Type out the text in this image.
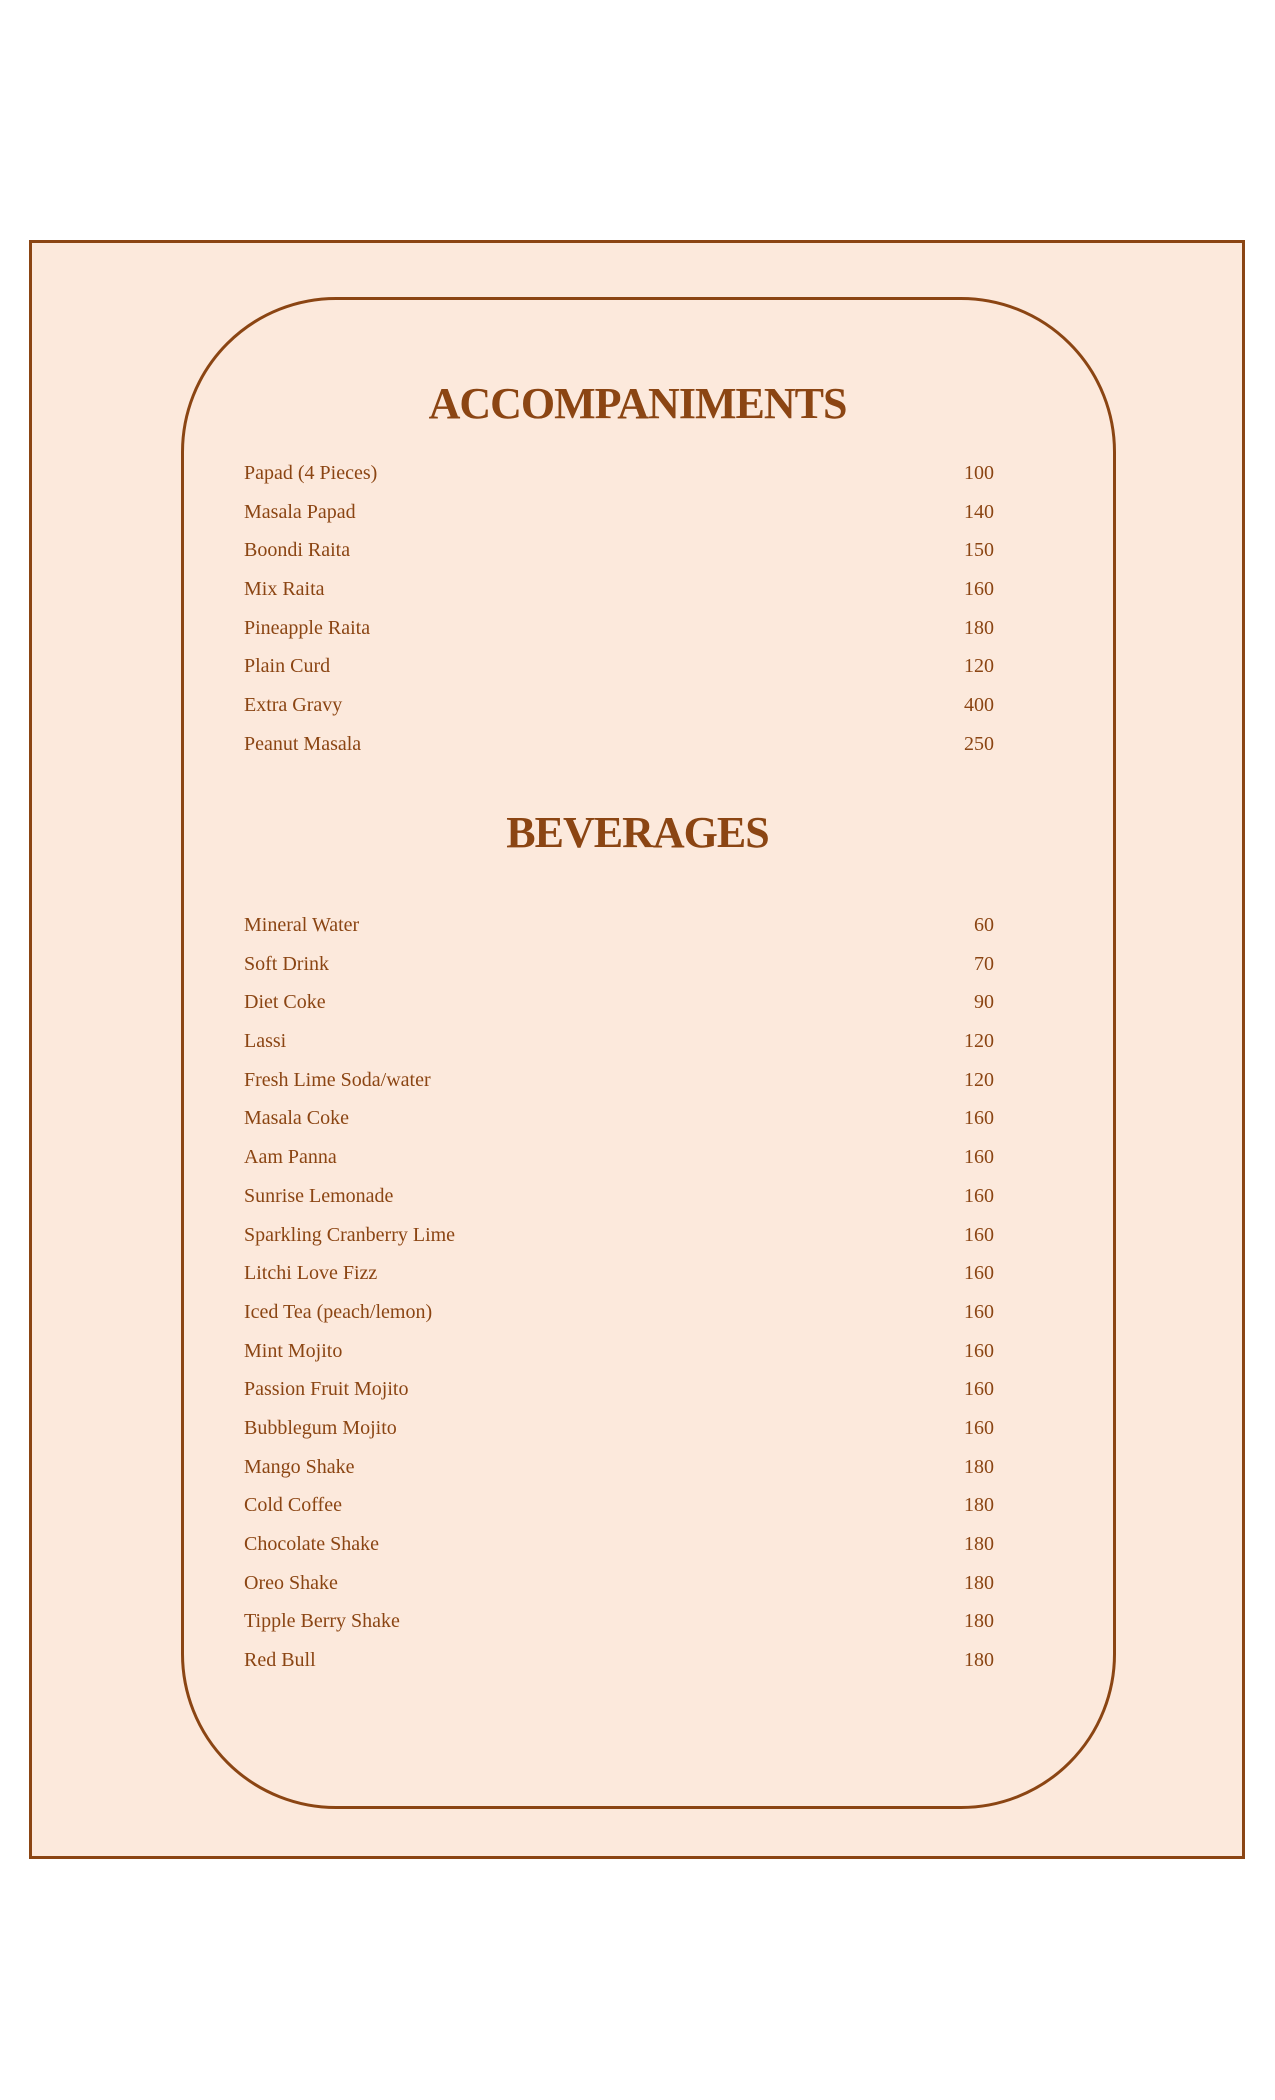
ACCOMPANIMENTS
Papad (4 Pieces)	100
Masala Papad	140
Boondi Raita	150
Mix Raita	160
Pineapple Raita	180
Plain Curd	120
Extra Gravy	400
Peanut Masala	250
BEVERAGES
Mineral Water	60
Soft Drink	70
Diet Coke	90
Lassi	120
Fresh Lime Soda/water	120
Masala Coke	160
Aam Panna	160
Sunrise Lemonade	160
Sparkling Cranberry Lime	160
Litchi Love Fizz	160
Iced Tea (peach/lemon)	160
Mint Mojito	160
Passion Fruit Mojito	160
Bubblegum Mojito	160
Mango Shake	180
Cold Coffee	180
Chocolate Shake	180
Oreo Shake	180
Tipple Berry Shake	180
Red Bull	180
